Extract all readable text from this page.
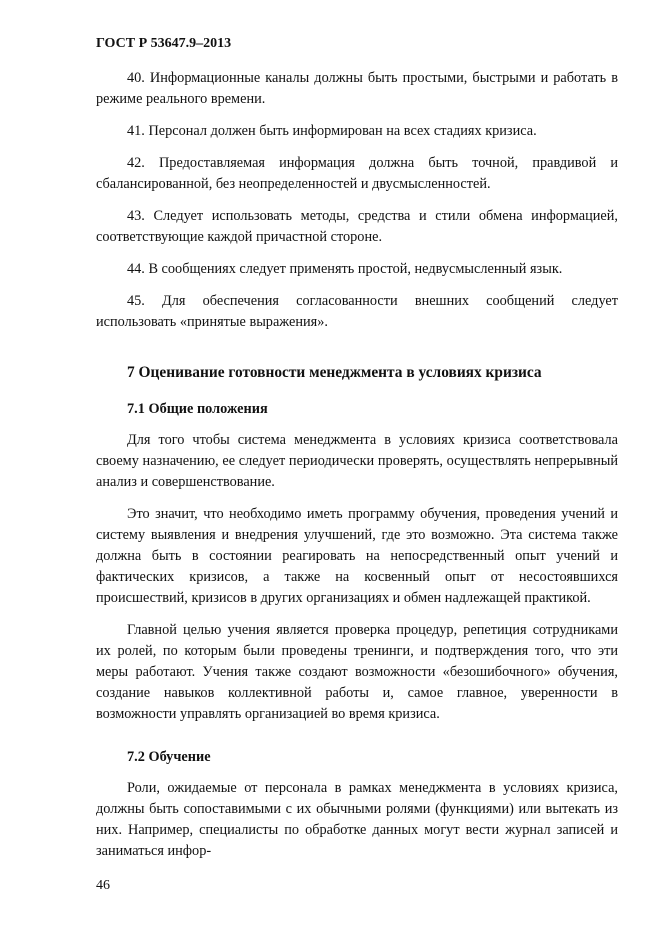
ГОСТ Р 53647.9–2013

40. Информационные каналы должны быть простыми, быстрыми и работать в режиме реального времени.

41. Персонал должен быть информирован на всех стадиях кризиса.

42. Предоставляемая информация должна быть точной, правдивой и сбалансированной, без неопределенностей и двусмысленностей.

43. Следует использовать методы, средства и стили обмена информацией, соответствующие каждой причастной стороне.

44. В сообщениях следует применять простой, недвусмысленный язык.

45. Для обеспечения согласованности внешних сообщений следует использовать «принятые выражения».

7 Оценивание готовности менеджмента в условиях кризиса
7.1 Общие положения

Для того чтобы система менеджмента в условиях кризиса соответствовала своему назначению, ее следует периодически проверять, осуществлять непрерывный анализ и совершенствование.

Это значит, что необходимо иметь программу обучения, проведения учений и систему выявления и внедрения улучшений, где это возможно. Эта система также должна быть в состоянии реагировать на непосредственный опыт учений и фактических кризисов, а также на косвенный опыт от несостоявшихся происшествий, кризисов в других организациях и обмен надлежащей практикой.

Главной целью учения является проверка процедур, репетиция сотрудниками их ролей, по которым были проведены тренинги, и подтверждения того, что эти меры работают. Учения также создают возможности «безошибочного» обучения, создание навыков коллективной работы и, самое главное, уверенности в возможности управлять организацией во время кризиса.

7.2 Обучение

Роли, ожидаемые от персонала в рамках менеджмента в условиях кризиса, должны быть сопоставимыми с их обычными ролями (функциями) или вытекать из них. Например, специалисты по обработке данных могут вести журнал записей и заниматься инфор-

46
